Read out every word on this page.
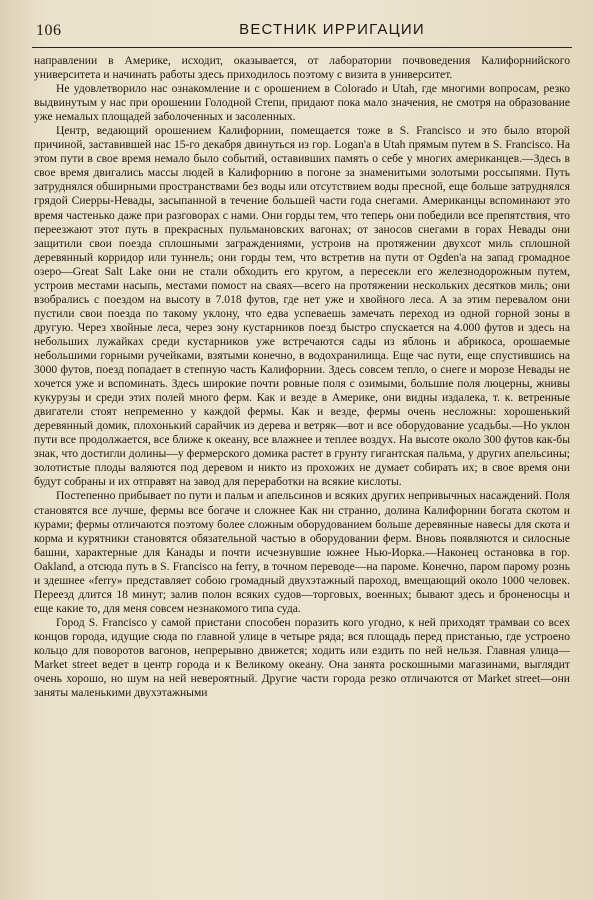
106	ВЕСТНИК ИРРИГАЦИИ

направлении в Америке, исходит, оказывается, от лаборатории почвоведения Калифорнийского университета и начинать работы здесь приходилось поэтому с визита в университет.

Не удовлетворило нас ознакомление и с орошением в Colorado и Utah, где многими вопросам, резко выдвинутым у нас при орошении Голодной Степи, придают пока мало значения, не смотря на образование уже немалых площадей заболоченных и засоленных.

Центр, ведающий орошением Калифорнии, помещается тоже в S. Francisco и это было второй причиной, заставившей нас 15-го декабря двинуться из гор. Logan'а в Utah прямым путем в S. Francisco. На этом пути в свое время немало было событий, оставивших память о себе у многих американцев.—Здесь в свое время двигались массы людей в Калифорнию в погоне за знаменитыми золотыми россыпями. Путь затруднялся обширными пространствами без воды или отсутствием воды пресной, еще больше затруднялся грядой Сиерры-Невады, засыпанной в течение большей части года снегами. Американцы вспоминают это время частенько даже при разговорах с нами. Они горды тем, что теперь они победили все препятствия, что переезжают этот путь в прекрасных пульмановских вагонах; от заносов снегами в горах Невады они защитили свои поезда сплошными заграждениями, устроив на протяжении двухсот миль сплошной деревянный корридор или туннель; они горды тем, что встретив на пути от Ogden'а на запад громадное озеро—Great Salt Lake они не стали обходить его кругом, а пересекли его железнодорожным путем, устроив местами насыпь, местами помост на сваях—всего на протяжении нескольких десятков миль; они взобрались с поездом на высоту в 7.018 футов, где нет уже и хвойного леса. А за этим перевалом они пустили свои поезда по такому уклону, что едва успеваешь замечать переход из одной горной зоны в другую. Через хвойные леса, через зону кустарников поезд быстро спускается на 4.000 футов и здесь на небольших лужайках среди кустарников уже встречаются сады из яблонь и абрикоса, орошаемые небольшими горными ручейками, взятыми конечно, в водохранилища. Еще час пути, еще спустившись на 3000 футов, поезд попадает в степную часть Калифорнии. Здесь совсем тепло, о снеге и морозе Невады не хочется уже и вспоминать. Здесь широкие почти ровные поля с озимыми, большие поля люцерны, жнивы кукурузы и среди этих полей много ферм. Как и везде в Америке, они видны издалека, т. к. ветренные двигатели стоят непременно у каждой фермы. Как и везде, фермы очень несложны: хорошенький деревянный домик, плохонький сарайчик из дерева и ветряк—вот и все оборудование усадьбы.—Но уклон пути все продолжается, все ближе к океану, все влажнее и теплее воздух. На высоте около 300 футов как-бы знак, что достигли долины—у фермерского домика растет в грунту гигантская пальма, у других апельсины; золотистые плоды валяются под деревом и никто из прохожих не думает собирать их; в свое время они будут собраны и их отправят на завод для переработки на всякие кислоты.

Постепенно прибывает по пути и пальм и апельсинов и всяких других непривычных насаждений. Поля становятся все лучше, фермы все богаче и сложнее Как ни странно, долина Калифорнии богата скотом и курами; фермы отличаются поэтому более сложным оборудованием больше деревянные навесы для скота и корма и курятники становятся обязательной частью в оборудовании ферм. Вновь появляются и силосные башни, характерные для Канады и почти исчезнувшие южнее Нью-Иорка.—Наконец остановка в гор. Oakland, а отсюда путь в S. Francisco на ferry, в точном переводе—на пароме. Конечно, паром парому рознь и здешнее «ferry» представляет собою громадный двухэтажный пароход, вмещающий около 1000 человек. Переезд длится 18 минут; залив полон всяких судов—торговых, военных; бывают здесь и броненосцы и еще какие то, для меня совсем незнакомого типа суда.

Город S. Francisco у самой пристани способен поразить кого угодно, к ней приходят трамваи со всех концов города, идущие сюда по главной улице в четыре ряда; вся площадь перед пристанью, где устроено кольцо для поворотов вагонов, непрерывно движется; ходить или ездить по ней нельзя. Главная улица—Market street ведет в центр города и к Великому океану. Она занята роскошными магазинами, выглядит очень хорошо, но шум на ней невероятный. Другие части города резко отличаются от Market street—они заняты маленькими двухэтажными
